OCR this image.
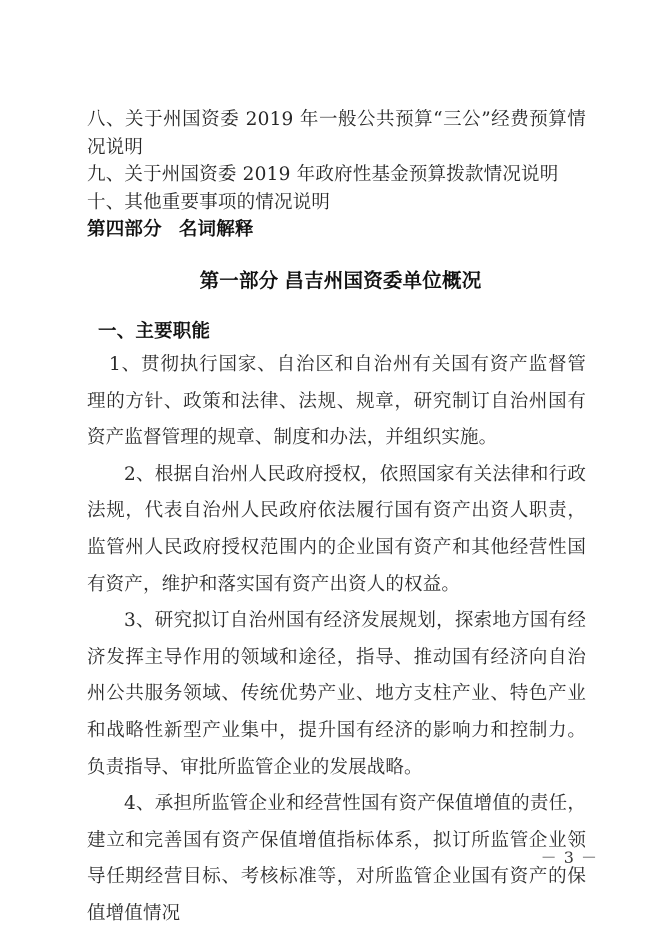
八、关于州国资委 2019 年一般公共预算“三公”经费预算情况说明

九、关于州国资委 2019 年政府性基金预算拨款情况说明

十、其他重要事项的情况说明

第四部分 名词解释

第一部分 昌吉州国资委单位概况
一、主要职能

1、贯彻执行国家、自治区和自治州有关国有资产监督管理的方针、政策和法律、法规、规章，研究制订自治州国有资产监督管理的规章、制度和办法，并组织实施。

2、根据自治州人民政府授权，依照国家有关法律和行政法规，代表自治州人民政府依法履行国有资产出资人职责，监管州人民政府授权范围内的企业国有资产和其他经营性国有资产，维护和落实国有资产出资人的权益。

3、研究拟订自治州国有经济发展规划，探索地方国有经济发挥主导作用的领域和途径，指导、推动国有经济向自治州公共服务领域、传统优势产业、地方支柱产业、特色产业和战略性新型产业集中，提升国有经济的影响力和控制力。负责指导、审批所监管企业的发展战略。

4、承担所监管企业和经营性国有资产保值增值的责任，建立和完善国有资产保值增值指标体系，拟订所监管企业领导任期经营目标、考核标准等，对所监管企业国有资产的保值增值情况

－ 3 －
